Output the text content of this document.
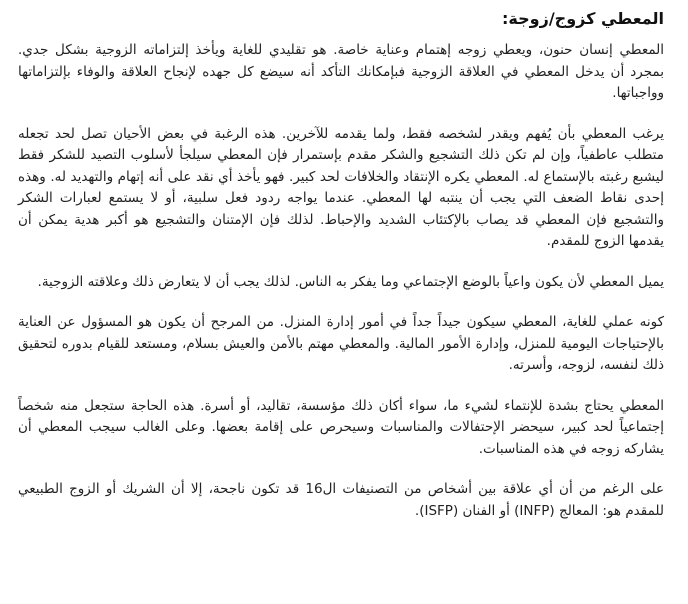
المعطي كزوج/زوجة:

المعطي إنسان حنون، ويعطي زوجه إهتمام وعناية خاصة. هو تقليدي للغاية ويأخذ إلتزاماته الزوجية بشكل جدي. بمجرد أن يدخل المعطي في العلاقة الزوجية فبإمكانك التأكد أنه سيضع كل جهده لإنجاح العلاقة والوفاء بإلتزاماتها وواجباتها.

يرغب المعطي بأن يُفهم ويقدر لشخصه فقط، ولما يقدمه للآخرين. هذه الرغبة في بعض الأحيان تصل لحد تجعله متطلب عاطفياً، وإن لم تكن ذلك التشجيع والشكر مقدم بإستمرار فإن المعطي سيلجأ لأسلوب التصيد للشكر فقط ليشبع رغبته بالإستماع له. المعطي يكره الإنتقاد والخلافات لحد كبير. فهو يأخذ أي نقد على أنه إتهام والتهديد له. وهذه إحدى نقاط الضعف التي يجب أن ينتبه لها المعطي. عندما يواجه ردود فعل سلبية، أو لا يستمع لعبارات الشكر والتشجيع فإن المعطي قد يصاب بالإكتئاب الشديد والإحباط. لذلك فإن الإمتنان والتشجيع هو أكبر هدية يمكن أن يقدمها الزوج للمقدم.

يميل المعطي لأن يكون واعياً بالوضع الإجتماعي وما يفكر به الناس. لذلك يجب أن لا يتعارض ذلك وعلاقته الزوجية.

كونه عملي للغاية، المعطي سيكون جيداً جداً في أمور إدارة المنزل. من المرجح أن يكون هو المسؤول عن العناية بالإحتياجات اليومية للمنزل، وإدارة الأمور المالية. والمعطي مهتم بالأمن والعيش بسلام، ومستعد للقيام بدوره لتحقيق ذلك لنفسه، لزوجه، وأسرته.

المعطي يحتاج بشدة للإنتماء لشيء ما، سواء أكان ذلك مؤسسة، تقاليد، أو أسرة. هذه الحاجة ستجعل منه شخصاً إجتماعياً لحد كبير، سيحضر الإحتفالات والمناسبات وسيحرص على إقامة بعضها. وعلى الغالب سيجب المعطي أن يشاركه زوجه في هذه المناسبات.

على الرغم من أن أي علاقة بين أشخاص من التصنيفات ال16 قد تكون ناجحة، إلا أن الشريك أو الزوج الطبيعي للمقدم هو: المعالج (INFP) أو الفنان (ISFP).
